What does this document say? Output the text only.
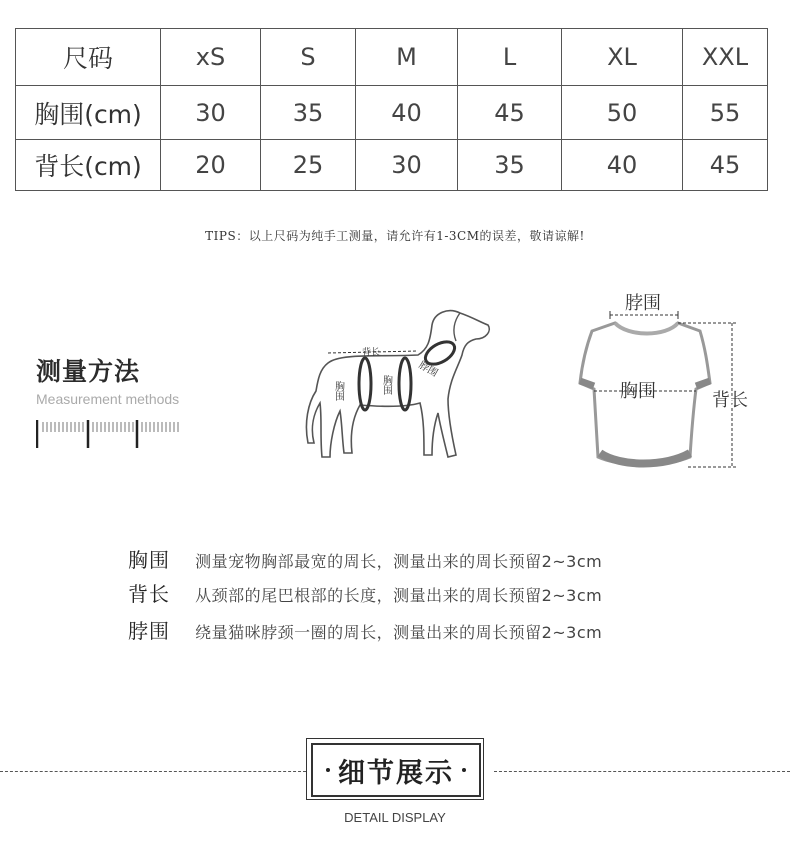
尺码	xS	S	M	L	XL	XXL
胸围(cm)	30	35	40	45	50	55
背长(cm)	20	25	30	35	40	45
TIPS：以上尺码为纯手工测量，请允许有1-3CM的误差，敬请谅解!
测量方法
Measurement methods
背长
胸围	胸围
脖围
脖围
胸围	背长
胸围 测量宠物胸部最宽的周长，测量出来的周长预留2~3cm
背长 从颈部的尾巴根部的长度，测量出来的周长预留2~3cm
脖围 绕量猫咪脖颈一圈的周长，测量出来的周长预留2~3cm
细节展示
DETAIL DISPLAY
